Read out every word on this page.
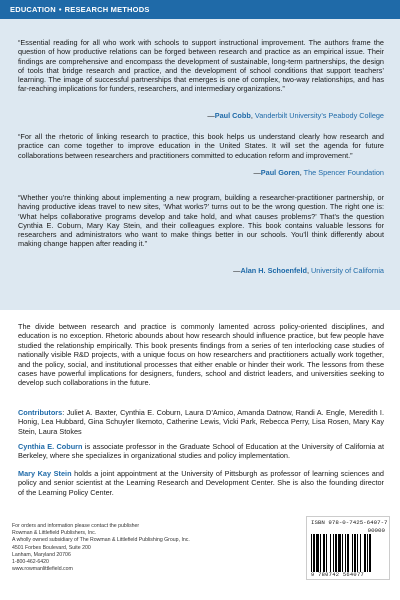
EDUCATION • RESEARCH METHODS

“Essential reading for all who work with schools to support instructional improvement. The authors frame the question of how productive relations can be forged between research and practice as an empirical issue. Their findings are comprehensive and encompass the development of sustainable, long-term partnerships, the design of tools that bridge research and practice, and the development of school conditions that support teachers’ learning. The image of successful partnerships that emerges is one of complex, two-way relationships, and has far-reaching implications for funders, researchers, and intermediary organizations.”

—Paul Cobb, Vanderbilt University’s Peabody College

“For all the rhetoric of linking research to practice, this book helps us understand clearly how research and practice can come together to improve education in the United States. It will set the agenda for future collaborations between researchers and practitioners committed to education reform and improvement.”

—Paul Goren, The Spencer Foundation

“Whether you’re thinking about implementing a new program, building a researcher-practitioner partnership, or having productive ideas travel to new sites, ‘What works?’ turns out to be the wrong question. The right one is: ‘What helps collaborative programs develop and take hold, and what causes problems?’ That’s the question Cynthia E. Coburn, Mary Kay Stein, and their colleagues explore. This book contains valuable lessons for researchers and administrators who want to make things better in our schools. You’ll think differently about making change happen after reading it.”

—Alan H. Schoenfeld, University of California

The divide between research and practice is commonly lamented across policy-oriented disciplines, and education is no exception. Rhetoric abounds about how research should influence practice, but few people have studied the relationship empirically. This book presents findings from a series of ten interlocking case studies of nationally visible R&D projects, with a unique focus on how researchers and practitioners actually work together, and the policy, social, and institutional processes that either enable or hinder their work. The lessons from these cases have powerful implications for designers, funders, school and district leaders, and universities seeking to develop such collaborations in the future.

Contributors: Juliet A. Baxter, Cynthia E. Coburn, Laura D’Amico, Amanda Datnow, Randi A. Engle, Meredith I. Honig, Lea Hubbard, Gina Schuyler Ikemoto, Catherine Lewis, Vicki Park, Rebecca Perry, Lisa Rosen, Mary Kay Stein, Laura Stokes

Cynthia E. Coburn is associate professor in the Graduate School of Education at the University of California at Berkeley, where she specializes in organizational studies and policy implementation.

Mary Kay Stein holds a joint appointment at the University of Pittsburgh as professor of learning sciences and policy and senior scientist at the Learning Research and Development Center. She is also the founding director of the Learning Policy Center.

For orders and information please contact the publisher
Rowman & Littlefield Publishers, Inc.
A wholly owned subsidiary of The Rowman & Littlefield Publishing Group, Inc.
4501 Forbes Boulevard, Suite 200
Lanham, Maryland 20706
1-800-462-6420
www.rowmanlittlefield.com
ISBN 978-0-7425-6407-7
90000
9 780742 564077
